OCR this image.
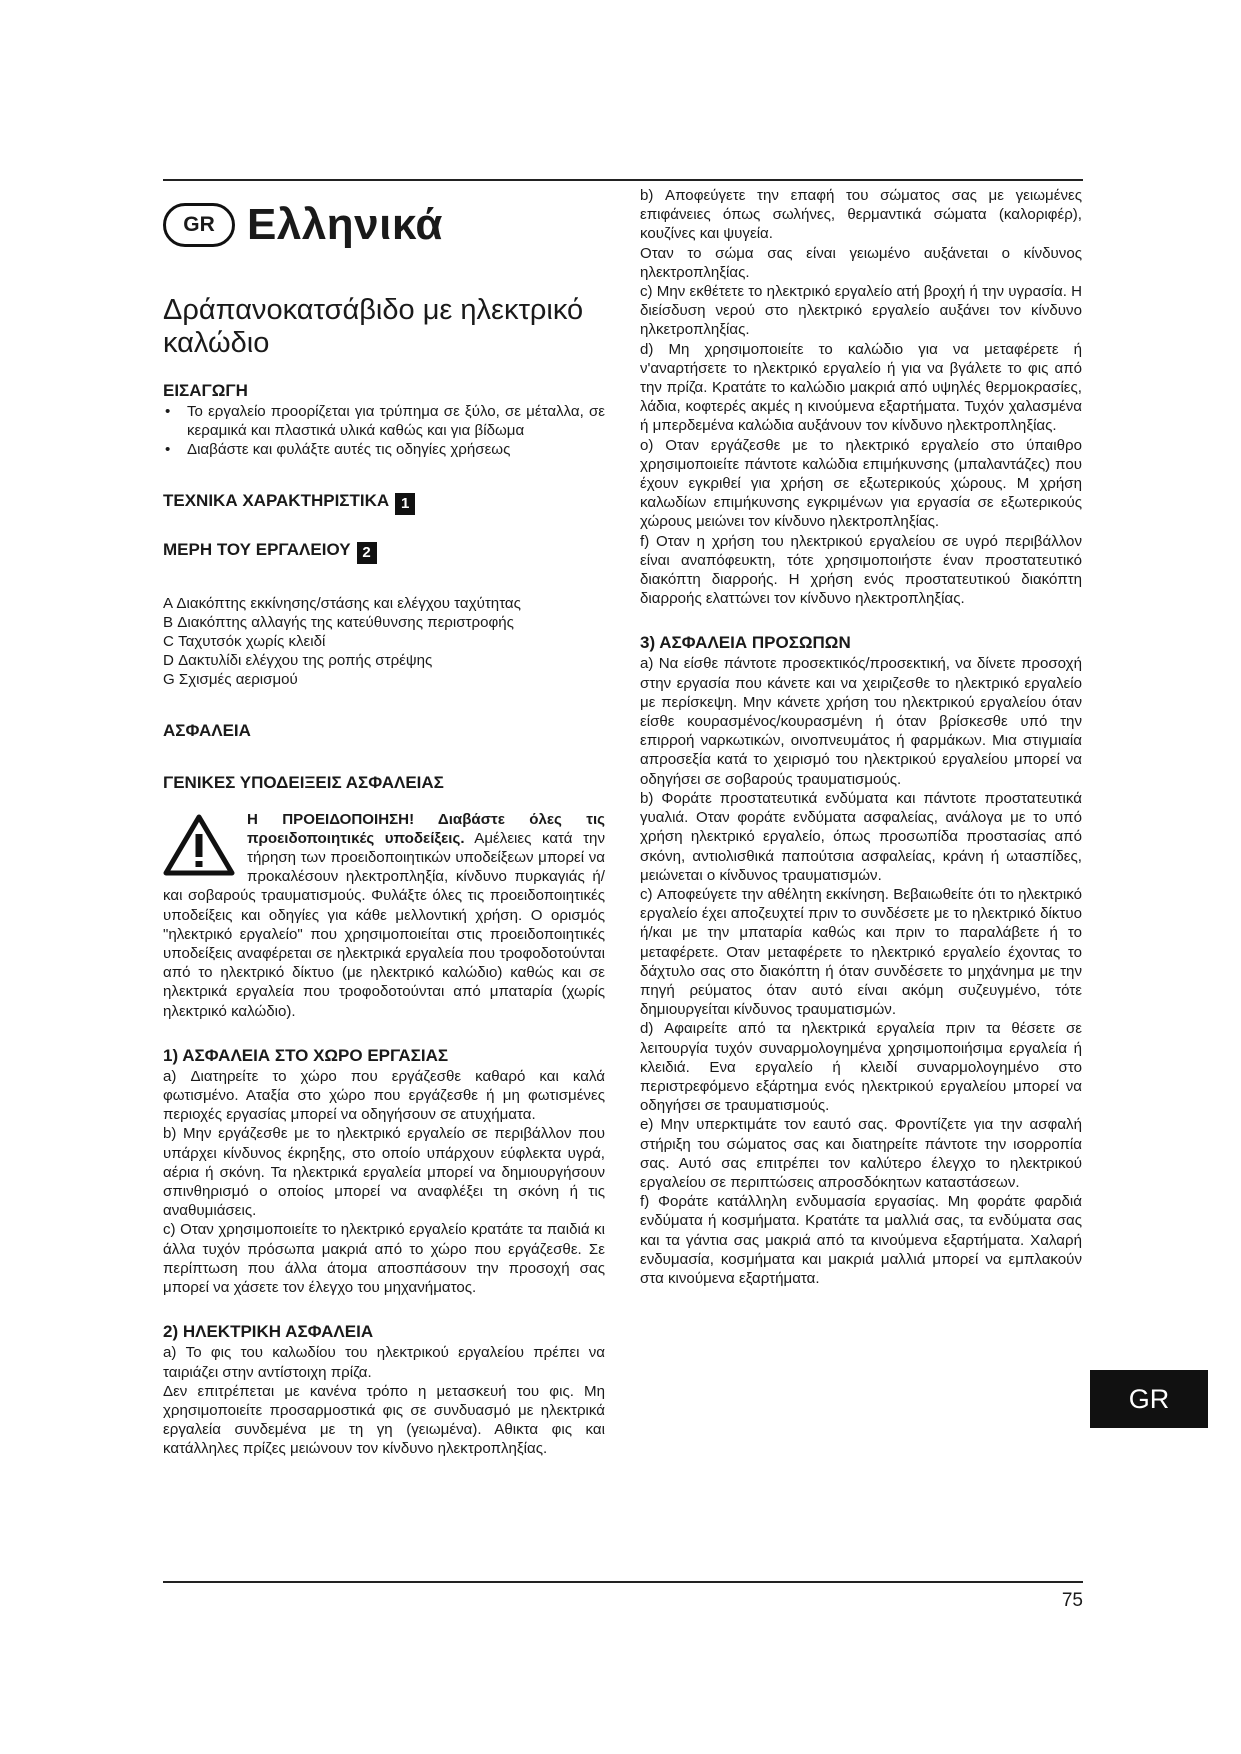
GR Ελληνικά
Δράπανοκατσάβιδο με ηλεκτρικό καλώδιο
ΕΙΣΑΓΩΓΗ
• Το εργαλείο προορίζεται για τρύπημα σε ξύλο, σε μέταλλα, σε κεραμικά και πλαστικά υλικά καθώς και για βίδωμα
• Διαβάστε και φυλάξτε αυτές τις οδηγίες χρήσεως
ΤΕΧΝΙΚΑ ΧΑΡΑΚΤΗΡΙΣΤΙΚΑ 1
ΜΕΡΗ ΤΟΥ ΕΡΓΑΛΕΙΟΥ 2

A Διακόπτης εκκίνησης/στάσης και ελέγχου ταχύτητας

B Διακόπτης αλλαγής της κατεύθυνσης περιστροφής

C Ταχυτσόκ χωρίς κλειδί

D Δακτυλίδι ελέγχου της ροπής στρέψης

G Σχισμές αερισμού

ΑΣΦΑΛΕΙΑ
ΓΕΝΙΚΕΣ ΥΠΟΔΕΙΞΕΙΣ ΑΣΦΑΛΕΙΑΣ

Η ΠΡΟΕΙΔΟΠΟΙΗΣΗ! Διαβάστε όλες τις προειδοποιητικές υποδείξεις. Αμέλειες κατά την τήρηση των προειδοποιητικών υποδείξεων μπορεί να προκαλέσουν ηλεκτροπληξία, κίνδυνο πυρκαγιάς ή/και σοβαρούς τραυματισμούς. Φυλάξτε όλες τις προειδοποιητικές υποδείξεις και οδηγίες για κάθε μελλοντική χρήση. Ο ορισμός "ηλεκτρικό εργαλείο" που χρησιμοποιείται στις προειδοποιητικές υποδείξεις αναφέρεται σε ηλεκτρικά εργαλεία που τροφοδοτούνται από το ηλεκτρικό δίκτυο (με ηλεκτρικό καλώδιο) καθώς και σε ηλεκτρικά εργαλεία που τροφοδοτούνται από μπαταρία (χωρίς ηλεκτρικό καλώδιο).

1) ΑΣΦΑΛΕΙΑ ΣΤΟ ΧΩΡΟ ΕΡΓΑΣΙΑΣ

a) Διατηρείτε το χώρο που εργάζεσθε καθαρό και καλά φωτισμένο. Αταξία στο χώρο που εργάζεσθε ή μη φωτισμένες περιοχές εργασίας μπορεί να οδηγήσουν σε ατυχήματα.

b) Μην εργάζεσθε με το ηλεκτρικό εργαλείο σε περιβάλλον που υπάρχει κίνδυνος έκρηξης, στο οποίο υπάρχουν εύφλεκτα υγρά, αέρια ή σκόνη. Τα ηλεκτρικά εργαλεία μπορεί να δημιουργήσουν σπινθηρισμό ο οποίος μπορεί να αναφλέξει τη σκόνη ή τις αναθυμιάσεις.

c) Οταν χρησιμοποιείτε το ηλεκτρικό εργαλείο κρατάτε τα παιδιά κι άλλα τυχόν πρόσωπα μακριά από το χώρο που εργάζεσθε. Σε περίπτωση που άλλα άτομα αποσπάσουν την προσοχή σας μπορεί να χάσετε τον έλεγχο του μηχανήματος.

2) ΗΛΕΚΤΡΙΚΗ ΑΣΦΑΛΕΙΑ

a) Το φις του καλωδίου του ηλεκτρικού εργαλείου πρέπει να ταιριάζει στην αντίστοιχη πρίζα.

Δεν επιτρέπεται με κανένα τρόπο η μετασκευή του φις. Μη χρησιμοποιείτε προσαρμοστικά φις σε συνδυασμό με ηλεκτρικά εργαλεία συνδεμένα με τη γη (γειωμένα). Αθικτα φις και κατάλληλες πρίζες μειώνουν τον κίνδυνο ηλεκτροπληξίας.

b) Αποφεύγετε την επαφή του σώματος σας με γειωμένες επιφάνειες όπως σωλήνες, θερμαντικά σώματα (καλοριφέρ), κουζίνες και ψυγεία.

Οταν το σώμα σας είναι γειωμένο αυξάνεται ο κίνδυνος ηλεκτροπληξίας.

c) Μην εκθέτετε το ηλεκτρικό εργαλείο ατή βροχή ή την υγρασία. Η διείσδυση νερού στο ηλεκτρικό εργαλείο αυξάνει τον κίνδυνο ηλκετροπληξίας.

d) Μη χρησιμοποιείτε το καλώδιο για να μεταφέρετε ή ν'αναρτήσετε το ηλεκτρικό εργαλείο ή για να βγάλετε το φις από την πρίζα. Κρατάτε το καλώδιο μακριά από υψηλές θερμοκρασίες, λάδια, κοφτερές ακμές η κινούμενα εξαρτήματα. Τυχόν χαλασμένα ή μπερδεμένα καλώδια αυξάνουν τον κίνδυνο ηλεκτροπληξίας.

o) Οταν εργάζεσθε με το ηλεκτρικό εργαλείο στο ύπαιθρο χρησιμοποιείτε πάντοτε καλώδια επιμήκυνσης (μπαλαντάζες) που έχουν εγκριθεί για χρήση σε εξωτερικούς χώρους. Μ χρήση καλωδίων επιμήκυνσης εγκριμένων για εργασία σε εξωτερικούς χώρους μειώνει τον κίνδυνο ηλεκτροπληξίας.

f) Οταν η χρήση του ηλεκτρικού εργαλείου σε υγρό περιβάλλον είναι αναπόφευκτη, τότε χρησιμοποιήστε έναν προστατευτικό διακόπτη διαρροής. Η χρήση ενός προστατευτικού διακόπτη διαρροής ελαττώνει τον κίνδυνο ηλεκτροπληξίας.

3) ΑΣΦΑΛΕΙΑ ΠΡΟΣΩΠΩΝ

a) Να είσθε πάντοτε προσεκτικός/προσεκτική, να δίνετε προσοχή στην εργασία που κάνετε και να χειριζεσθε το ηλεκτρικό εργαλείο με περίσκεψη. Μην κάνετε χρήση του ηλεκτρικού εργαλείου όταν είσθε κουρασμένος/κουρασμένη ή όταν βρίσκεσθε υπό την επιρροή ναρκωτικών, οινοπνευμάτος ή φαρμάκων. Μια στιγμιαία απροσεξία κατά το χειρισμό του ηλεκτρικού εργαλείου μπορεί να οδηγήσει σε σοβαρούς τραυματισμούς.

b) Φοράτε προστατευτικά ενδύματα και πάντοτε προστατευτικά γυαλιά. Οταν φοράτε ενδύματα ασφαλείας, ανάλογα με το υπό χρήση ηλεκτρικό εργαλείο, όπως προσωπίδα προστασίας από σκόνη, αντιολισθικά παπούτσια ασφαλείας, κράνη ή ωτασπίδες, μειώνεται ο κίνδυνος τραυματισμών.

c) Αποφεύγετε την αθέλητη εκκίνηση. Βεβαιωθείτε ότι το ηλεκτρικό εργαλείο έχει αποζευχτεί πριν το συνδέσετε με το ηλεκτρικό δίκτυο ή/και με την μπαταρία καθώς και πριν το παραλάβετε ή το μεταφέρετε. Οταν μεταφέρετε το ηλεκτρικό εργαλείο έχοντας το δάχτυλο σας στο διακόπτη ή όταν συνδέσετε το μηχάνημα με την πηγή ρεύματος όταν αυτό είναι ακόμη συζευγμένο, τότε δημιουργείται κίνδυνος τραυματισμών.

d) Αφαιρείτε από τα ηλεκτρικά εργαλεία πριν τα θέσετε σε λειτουργία τυχόν συναρμολογημένα χρησιμοποιήσιμα εργαλεία ή κλειδιά. Ενα εργαλείο ή κλειδί συναρμολογημένο στο περιστρεφόμενο εξάρτημα ενός ηλεκτρικού εργαλείου μπορεί να οδηγήσει σε τραυματισμούς.

e) Μην υπερκτιμάτε τον εαυτό σας. Φροντίζετε για την ασφαλή στήριξη του σώματος σας και διατηρείτε πάντοτε την ισορροπία σας. Αυτό σας επιτρέπει τον καλύτερο έλεγχο το ηλεκτρικού εργαλείου σε περιπτώσεις απροσδόκητων καταστάσεων.

f) Φοράτε κατάλληλη ενδυμασία εργασίας. Μη φοράτε φαρδιά ενδύματα ή κοσμήματα. Κρατάτε τα μαλλιά σας, τα ενδύματα σας και τα γάντια σας μακριά από τα κινούμενα εξαρτήματα. Χαλαρή ενδυμασία, κοσμήματα και μακριά μαλλιά μπορεί να εμπλακούν στα κινούμενα εξαρτήματα.

GR
75
